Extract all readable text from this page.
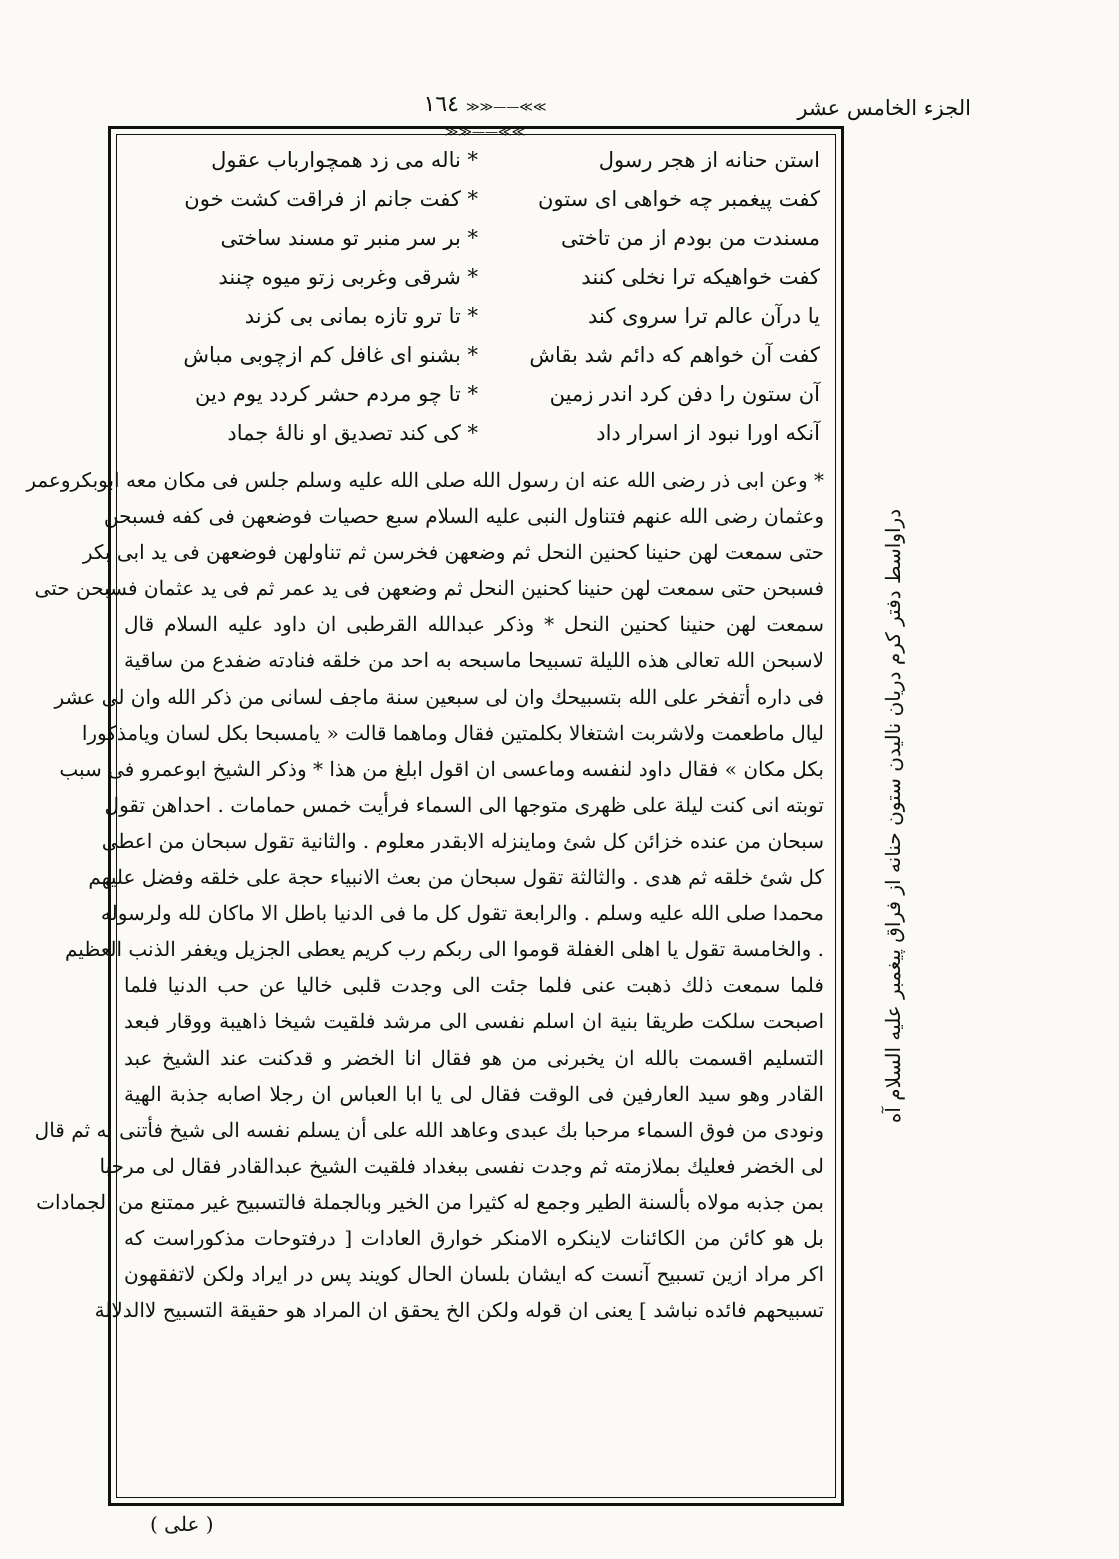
الجزء الخامس عشر
≫≫——≪≪ ١٦٤ ≫≫——≪≪
دراواسط دفتر كرم دريان ناليدن ستون حنانه از فراق پيغمبر عليه السلام آه
استن حنانه از هجر رسول
* ناله مى زد همچوارباب عقول
كفت پيغمبر چه خواهى اى ستون
* كفت جانم از فراقت كشت خون
مسندت من بودم از من تاختى
* بر سر منبر تو مسند ساختى
كفت خواهيكه ترا نخلى كنند
* شرقى وغربى زتو ميوه چنند
يا درآن عالم ترا سروى كند
* تا ترو تازه بمانى بى كزند
كفت آن خواهم كه دائم شد بقاش
* بشنو اى غافل كم ازچوبى مباش
آن ستون را دفن كرد اندر زمين
* تا چو مردم حشر كردد يوم دين
آنكه اورا نبود از اسرار داد
* كى كند تصديق او نالهٔ جماد
* وعن ابى ذر رضى الله عنه ان رسول الله صلى الله عليه وسلم جلس فى مكان معه ابوبكروعمر
وعثمان رضى الله عنهم فتناول النبى عليه السلام سبع حصيات فوضعهن فى كفه فسبحن
حتى سمعت لهن حنينا كحنين النحل ثم وضعهن فخرسن ثم تناولهن فوضعهن فى يد ابى بكر
فسبحن حتى سمعت لهن حنينا كحنين النحل ثم وضعهن فى يد عمر ثم فى يد عثمان فسبحن حتى
سمعت لهن حنينا كحنين النحل * وذكر عبدالله القرطبى ان داود عليه السلام قال
لاسبحن الله تعالى هذه الليلة تسبيحا ماسبحه به احد من خلقه فنادته ضفدع من ساقية
فى داره أتفخر على الله بتسبيحك وان لى سبعين سنة ماجف لسانى من ذكر الله وان لى عشر
ليال ماطعمت ولاشربت اشتغالا بكلمتين فقال وماهما قالت « يامسبحا بكل لسان ويامذكورا
بكل مكان » فقال داود لنفسه وماعسى ان اقول ابلغ من هذا * وذكر الشيخ ابوعمرو فى سبب
توبته انى كنت ليلة على ظهرى متوجها الى السماء فرأيت خمس حمامات . احداهن تقول
سبحان من عنده خزائن كل شئ وماينزله الابقدر معلوم . والثانية تقول سبحان من اعطى
كل شئ خلقه ثم هدى . والثالثة تقول سبحان من بعث الانبياء حجة على خلقه وفضل عليهم
محمدا صلى الله عليه وسلم . والرابعة تقول كل ما فى الدنيا باطل الا ماكان لله ولرسوله
. والخامسة تقول يا اهلى الغفلة قوموا الى ربكم رب كريم يعطى الجزيل ويغفر الذنب العظيم
فلما سمعت ذلك ذهبت عنى فلما جئت الى وجدت قلبى خاليا عن حب الدنيا فلما
اصبحت سلكت طريقا بنية ان اسلم نفسى الى مرشد فلقيت شيخا ذاهيبة ووقار فبعد
التسليم اقسمت بالله ان يخبرنى من هو فقال انا الخضر و قدكنت عند الشيخ عبد
القادر وهو سيد العارفين فى الوقت فقال لى يا ابا العباس ان رجلا اصابه جذبة الهية
ونودى من فوق السماء مرحبا بك عبدى وعاهد الله على أن يسلم نفسه الى شيخ فأتنى به ثم قال
لى الخضر فعليك بملازمته ثم وجدت نفسى ببغداد فلقيت الشيخ عبدالقادر فقال لى مرحبا
بمن جذبه مولاه بألسنة الطير وجمع له كثيرا من الخير وبالجملة فالتسبيح غير ممتنع من الجمادات
بل هو كائن من الكائنات لاينكره الامنكر خوارق العادات [ درفتوحات مذكوراست كه
اكر مراد ازين تسبيح آنست كه ايشان بلسان الحال كويند پس در ايراد ولكن لاتفقهون
تسبيحهم فائده نباشد ] يعنى ان قوله ولكن الخ يحقق ان المراد هو حقيقة التسبيح لاالدلالة
( على )
